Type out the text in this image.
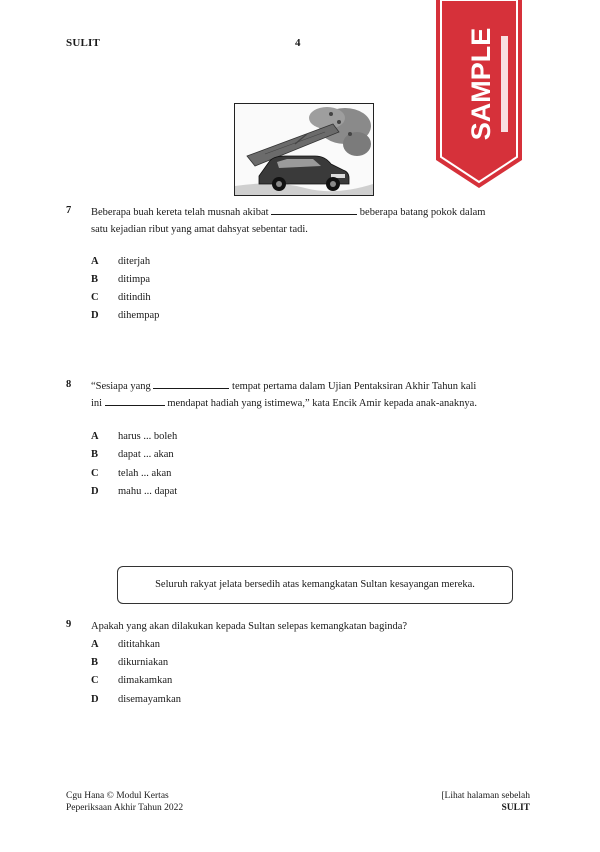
SULIT	4	SAMPLE
7 Beberapa buah kereta telah musnah akibat	beberapa batang pokok dalam
satu kejadian ribut yang amat dahsyat sebentar tadi.
A diterjah
B ditimpa
C ditindih
D dihempap
8 “Sesiapa yang	tempat pertama dalam Ujian Pentaksiran Akhir Tahun kali
ini	mendapat hadiah yang istimewa,” kata Encik Amir kepada anak-anaknya.
A harus ... boleh
B dapat ... akan
C telah ... akan
D mahu ... dapat
Seluruh rakyat jelata bersedih atas kemangkatan Sultan kesayangan mereka.
9 Apakah yang akan dilakukan kepada Sultan selepas kemangkatan baginda?
A dititahkan
B dikurniakan
C dimakamkan
D disemayamkan
Cgu Hana © Modul Kertas
Peperiksaan Akhir Tahun 2022
[Lihat halaman sebelah
SULIT
